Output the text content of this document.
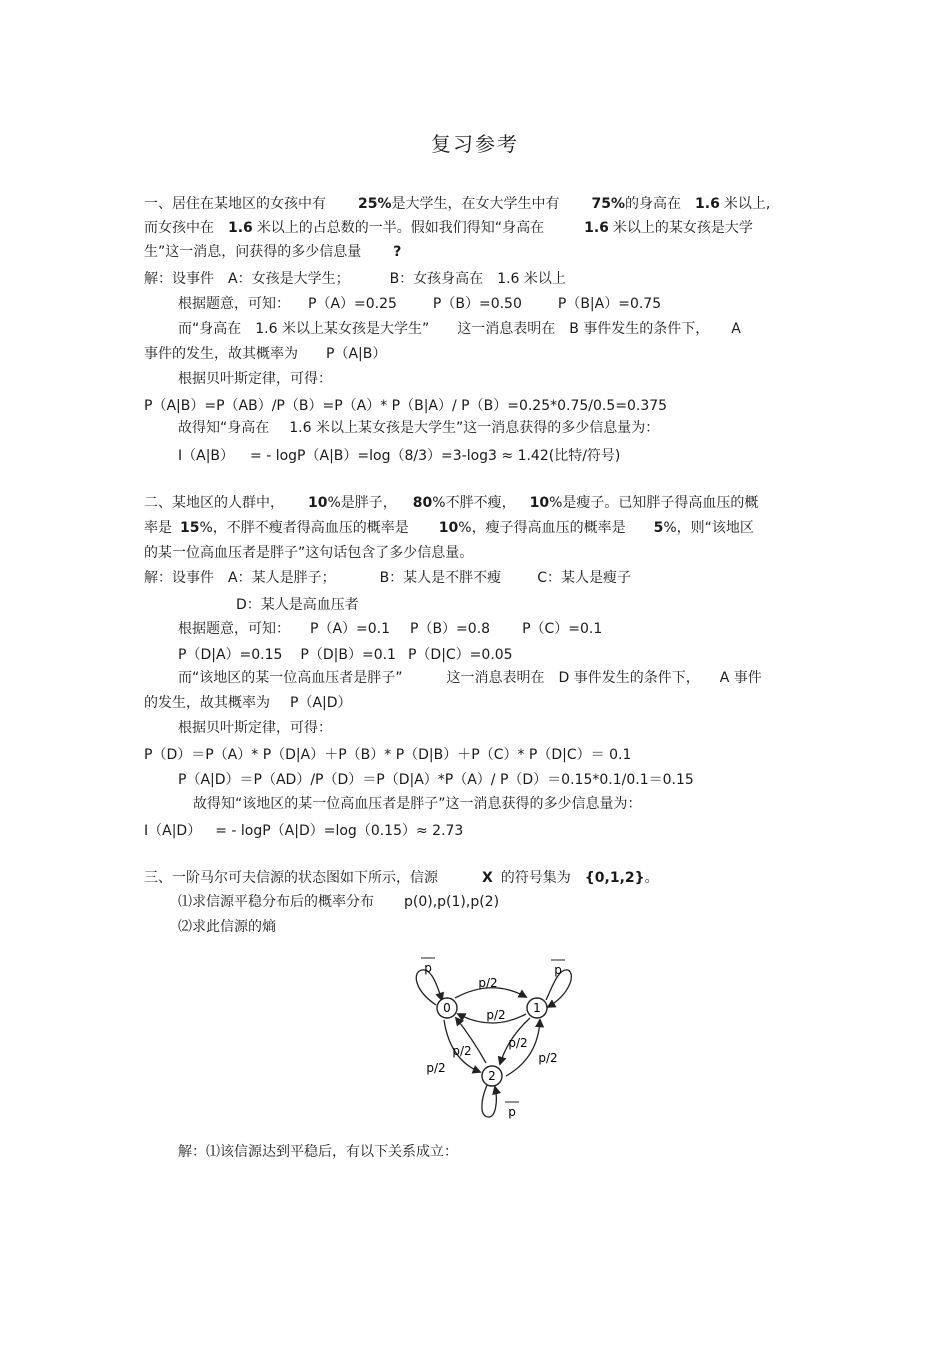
复习参考
一、居住在某地区的女孩中有 25%是大学生，在女大学生中有 75%的身高在 1.6 米以上,
而女孩中在 1.6 米以上的占总数的一半。假如我们得知“身高在	1.6 米以上的某女孩是大学
生”这一消息，问获得的多少信息量 ?
解：设事件 A：女孩是大学生；	B：女孩身高在 1.6 米以上
根据题意，可知： P（A）=0.25	P（B）=0.50	P（B|A）=0.75
而“身高在 1.6 米以上某女孩是大学生” 这一消息表明在 B 事件发生的条件下， A
事件的发生，故其概率为 P（A|B）
根据贝叶斯定律，可得：
P（A|B）=P（AB）/P（B）=P（A）* P（B|A）/ P（B）=0.25*0.75/0.5=0.375
故得知“身高在 1.6 米以上某女孩是大学生”这一消息获得的多少信息量为：
I（A|B） = - logP（A|B）=log（8/3）=3-log3 ≈ 1.42(比特/符号)
二、某地区的人群中， 10%是胖子， 80%不胖不瘦， 10%是瘦子。已知胖子得高血压的概
率是 15%，不胖不瘦者得高血压的概率是 10%，瘦子得高血压的概率是 5%，则“该地区
的某一位高血压者是胖子”这句话包含了多少信息量。
解：设事件 A：某人是胖子；	B：某人是不胖不瘦	C：某人是瘦子
D：某人是高血压者
根据题意，可知： P（A）=0.1 P（B）=0.8 P（C）=0.1
P（D|A）=0.15 P（D|B）=0.1 P（D|C）=0.05
而“该地区的某一位高血压者是胖子”	这一消息表明在 D 事件发生的条件下， A 事件
的发生，故其概率为 P（A|D）
根据贝叶斯定律，可得：
P（D）＝P（A）* P（D|A）＋P（B）* P（D|B）＋P（C）* P（D|C）＝ 0.1
P（A|D）＝P（AD）/P（D）＝P（D|A）*P（A）/ P（D）＝0.15*0.1/0.1＝0.15
故得知“该地区的某一位高血压者是胖子”这一消息获得的多少信息量为：
I（A|D） = - logP（A|D）=log（0.15）≈ 2.73
三、一阶马尔可夫信源的状态图如下所示，信源	X 的符号集为 {0,1,2}。
⑴求信源平稳分布后的概率分布 p(0),p(1),p(2)
⑵求此信源的熵
0	1
2
p	p
p
p/2
p/2
p/2
p/2
p/2
p/2
解：⑴该信源达到平稳后，有以下关系成立：
